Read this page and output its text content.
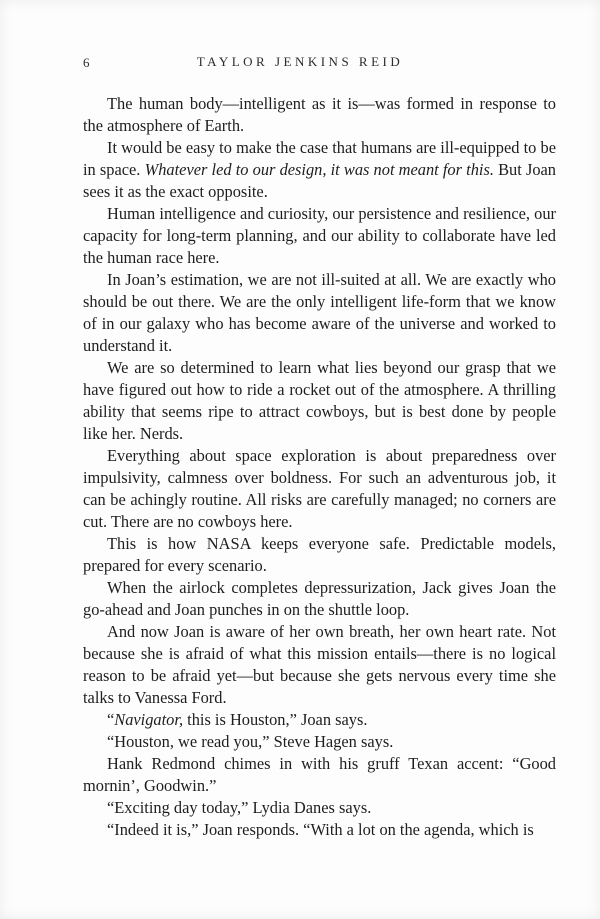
6	TAYLOR JENKINS REID

The human body—intelligent as it is—was formed in response to the atmosphere of Earth.

It would be easy to make the case that humans are ill-equipped to be in space. Whatever led to our design, it was not meant for this. But Joan sees it as the exact opposite.

Human intelligence and curiosity, our persistence and resilience, our capacity for long-term planning, and our ability to collaborate have led the human race here.

In Joan’s estimation, we are not ill-suited at all. We are exactly who should be out there. We are the only intelligent life-form that we know of in our galaxy who has become aware of the universe and worked to understand it.

We are so determined to learn what lies beyond our grasp that we have figured out how to ride a rocket out of the atmosphere. A thrilling ability that seems ripe to attract cowboys, but is best done by people like her. Nerds.

Everything about space exploration is about preparedness over impulsivity, calmness over boldness. For such an adventurous job, it can be achingly routine. All risks are carefully managed; no corners are cut. There are no cowboys here.

This is how NASA keeps everyone safe. Predictable models, prepared for every scenario.

When the airlock completes depressurization, Jack gives Joan the go-ahead and Joan punches in on the shuttle loop.

And now Joan is aware of her own breath, her own heart rate. Not because she is afraid of what this mission entails—there is no logical reason to be afraid yet—but because she gets nervous every time she talks to Vanessa Ford.

“Navigator, this is Houston,” Joan says.

“Houston, we read you,” Steve Hagen says.

Hank Redmond chimes in with his gruff Texan accent: “Good mornin’, Goodwin.”

“Exciting day today,” Lydia Danes says.

“Indeed it is,” Joan responds. “With a lot on the agenda, which is
